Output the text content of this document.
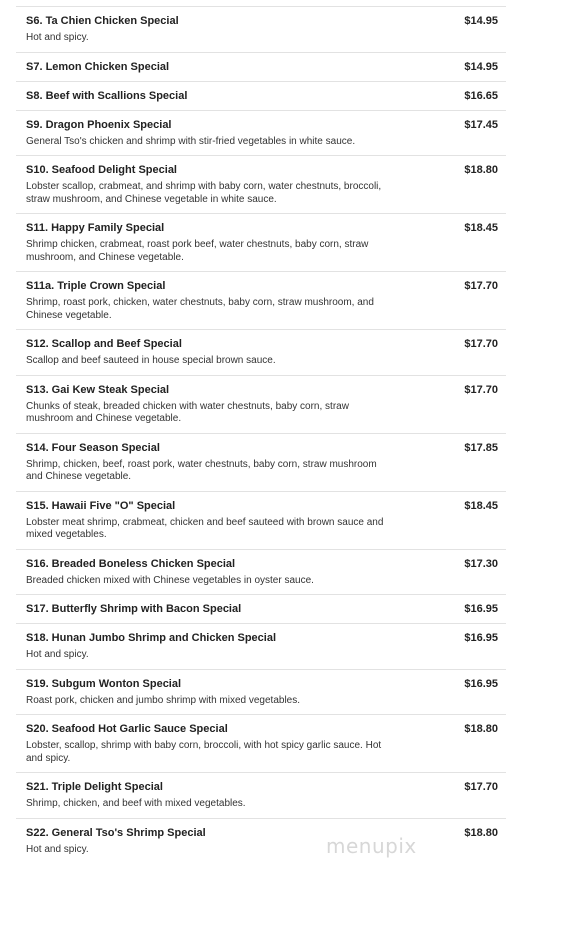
S6. Ta Chien Chicken Special	$14.95
Hot and spicy.
S7. Lemon Chicken Special	$14.95
S8. Beef with Scallions Special	$16.65
S9. Dragon Phoenix Special	$17.45
General Tso's chicken and shrimp with stir-fried vegetables in white sauce.
S10. Seafood Delight Special	$18.80
Lobster scallop, crabmeat, and shrimp with baby corn, water chestnuts, broccoli, straw mushroom, and Chinese vegetable in white sauce.
S11. Happy Family Special	$18.45
Shrimp chicken, crabmeat, roast pork beef, water chestnuts, baby corn, straw mushroom, and Chinese vegetable.
S11a. Triple Crown Special	$17.70
Shrimp, roast pork, chicken, water chestnuts, baby corn, straw mushroom, and Chinese vegetable.
S12. Scallop and Beef Special	$17.70
Scallop and beef sauteed in house special brown sauce.
S13. Gai Kew Steak Special	$17.70
Chunks of steak, breaded chicken with water chestnuts, baby corn, straw mushroom and Chinese vegetable.
S14. Four Season Special	$17.85
Shrimp, chicken, beef, roast pork, water chestnuts, baby corn, straw mushroom and Chinese vegetable.
S15. Hawaii Five "O" Special	$18.45
Lobster meat shrimp, crabmeat, chicken and beef sauteed with brown sauce and mixed vegetables.
S16. Breaded Boneless Chicken Special	$17.30
Breaded chicken mixed with Chinese vegetables in oyster sauce.
S17. Butterfly Shrimp with Bacon Special	$16.95
S18. Hunan Jumbo Shrimp and Chicken Special	$16.95
Hot and spicy.
S19. Subgum Wonton Special	$16.95
Roast pork, chicken and jumbo shrimp with mixed vegetables.
S20. Seafood Hot Garlic Sauce Special	$18.80
Lobster, scallop, shrimp with baby corn, broccoli, with hot spicy garlic sauce. Hot and spicy.
S21. Triple Delight Special	$17.70
Shrimp, chicken, and beef with mixed vegetables.
S22. General Tso's Shrimp Special	$18.80
Hot and spicy.	menupix
